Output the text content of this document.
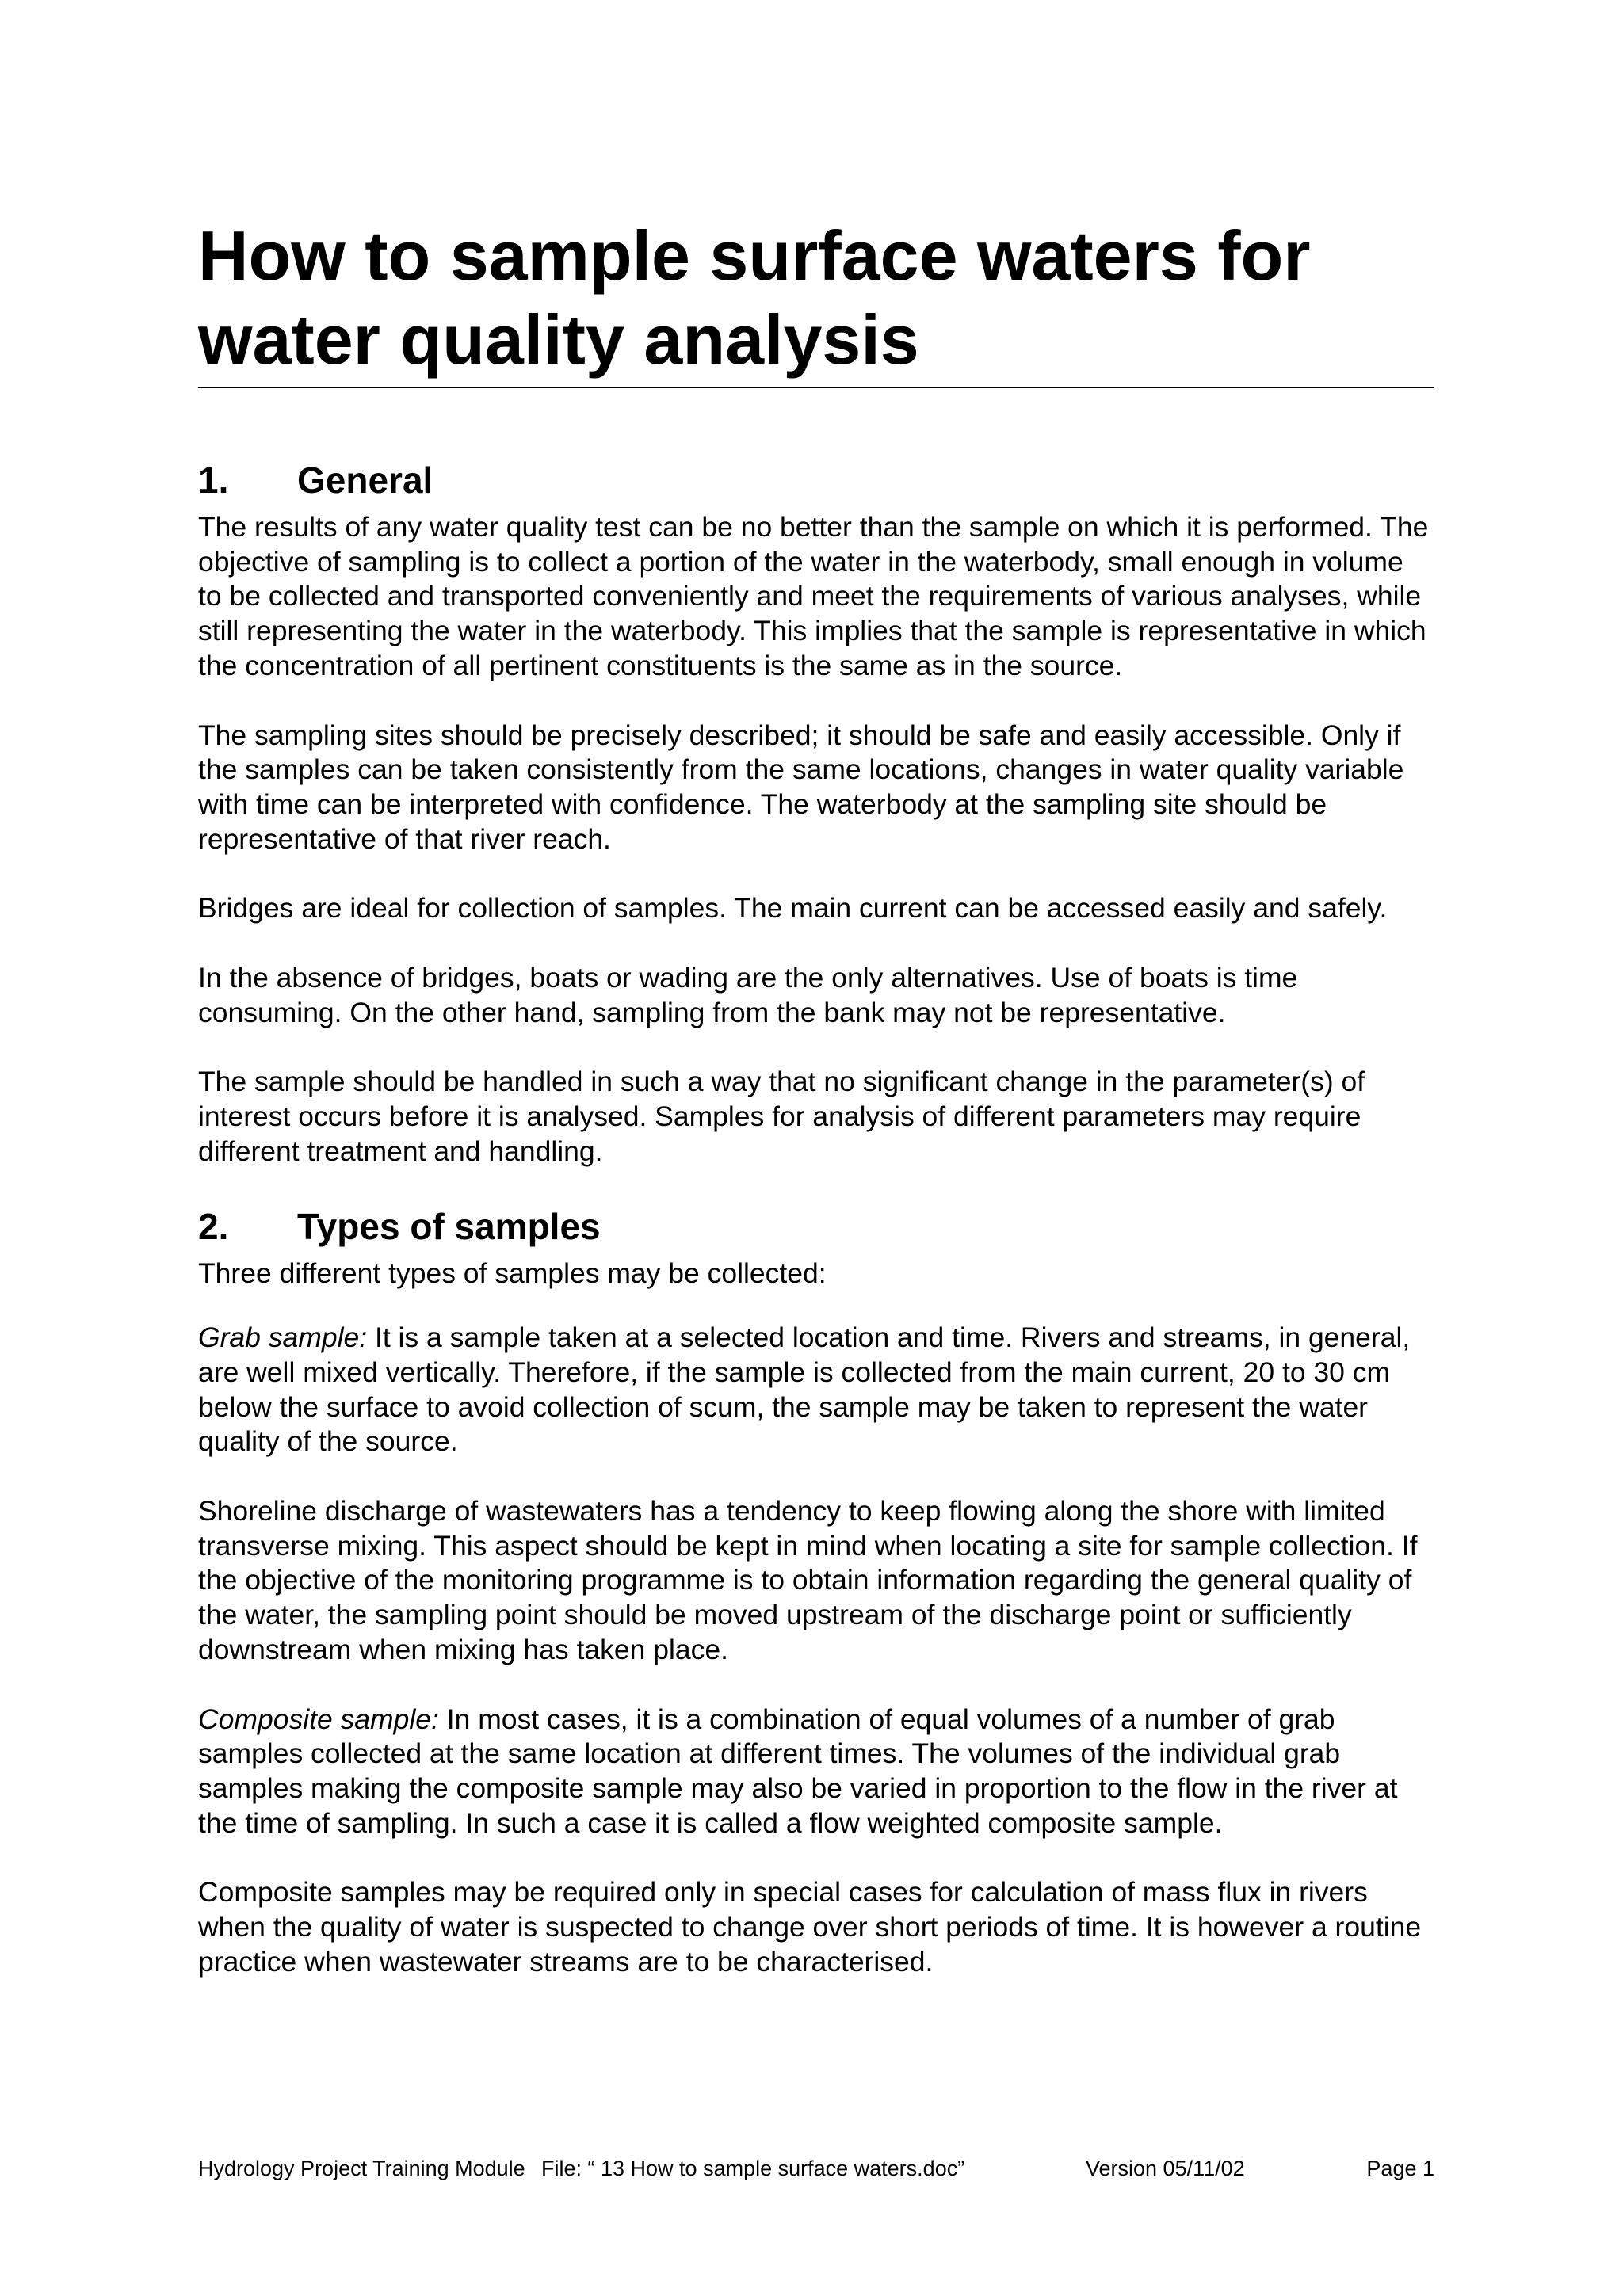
How to sample surface waters for water quality analysis
1.	General

The results of any water quality test can be no better than the sample on which it is performed. The objective of sampling is to collect a portion of the water in the waterbody, small enough in volume to be collected and transported conveniently and meet the requirements of various analyses, while still representing the water in the waterbody. This implies that the sample is representative in which the concentration of all pertinent constituents is the same as in the source.

The sampling sites should be precisely described; it should be safe and easily accessible. Only if the samples can be taken consistently from the same locations, changes in water quality variable with time can be interpreted with confidence. The waterbody at the sampling site should be representative of that river reach.

Bridges are ideal for collection of samples. The main current can be accessed easily and safely.

In the absence of bridges, boats or wading are the only alternatives. Use of boats is time consuming. On the other hand, sampling from the bank may not be representative.

The sample should be handled in such a way that no significant change in the parameter(s) of interest occurs before it is analysed. Samples for analysis of different parameters may require different treatment and handling.

2.	Types of samples

Three different types of samples may be collected:

Grab sample: It is a sample taken at a selected location and time. Rivers and streams, in general, are well mixed vertically. Therefore, if the sample is collected from the main current, 20 to 30 cm below the surface to avoid collection of scum, the sample may be taken to represent the water quality of the source.

Shoreline discharge of wastewaters has a tendency to keep flowing along the shore with limited transverse mixing. This aspect should be kept in mind when locating a site for sample collection. If the objective of the monitoring programme is to obtain information regarding the general quality of the water, the sampling point should be moved upstream of the discharge point or sufficiently downstream when mixing has taken place.

Composite sample: In most cases, it is a combination of equal volumes of a number of grab samples collected at the same location at different times. The volumes of the individual grab samples making the composite sample may also be varied in proportion to the flow in the river at the time of sampling. In such a case it is called a flow weighted composite sample.

Composite samples may be required only in special cases for calculation of mass flux in rivers when the quality of water is suspected to change over short periods of time. It is however a routine practice when wastewater streams are to be characterised.

Hydrology Project Training Module File: “ 13 How to sample surface waters.doc”	Version 05/11/02	Page 1
